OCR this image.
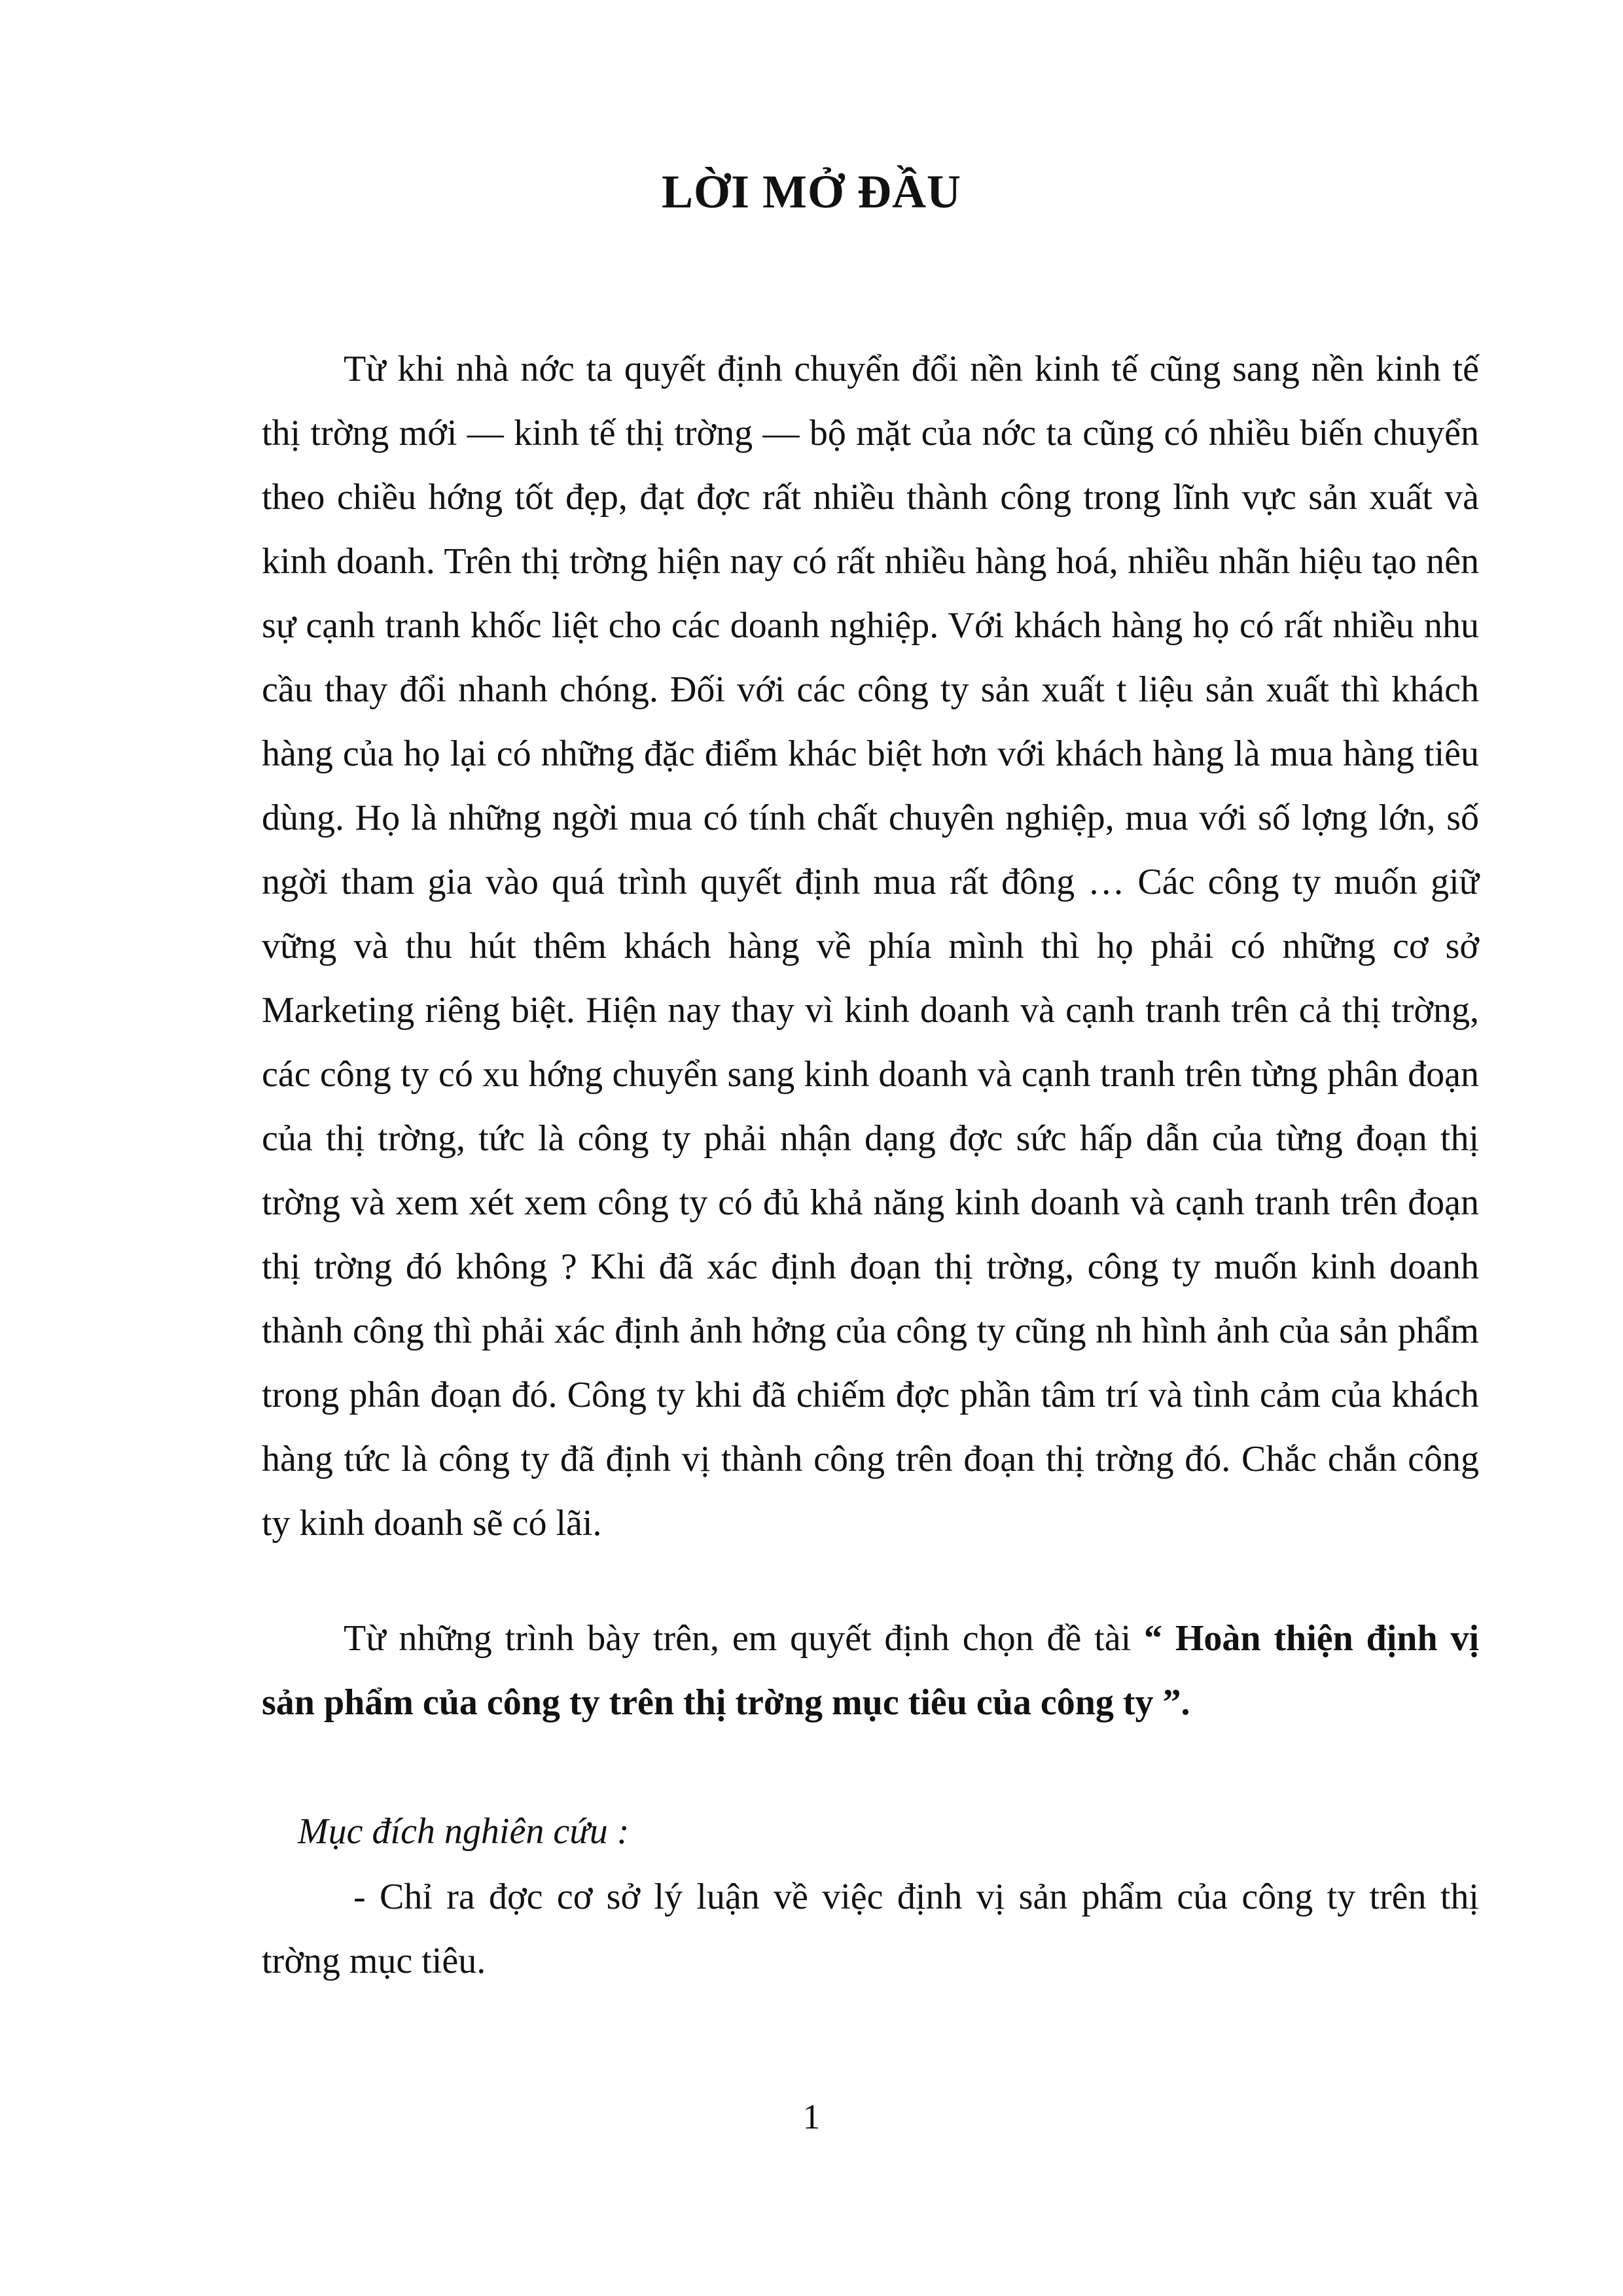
LỜI MỞ ĐẦU

Từ khi nhà nớc ta quyết định chuyển đổi nền kinh tế cũng sang nền kinh tế thị trờng mới — kinh tế thị trờng — bộ mặt của nớc ta cũng có nhiều biến chuyển theo chiều hớng tốt đẹp, đạt đợc rất nhiều thành công trong lĩnh vực sản xuất và kinh doanh. Trên thị trờng hiện nay có rất nhiều hàng hoá, nhiều nhãn hiệu tạo nên sự cạnh tranh khốc liệt cho các doanh nghiệp. Với khách hàng họ có rất nhiều nhu cầu thay đổi nhanh chóng. Đối với các công ty sản xuất t liệu sản xuất thì khách hàng của họ lại có những đặc điểm khác biệt hơn với khách hàng là mua hàng tiêu dùng. Họ là những ngời mua có tính chất chuyên nghiệp, mua với số lợng lớn, số ngời tham gia vào quá trình quyết định mua rất đông … Các công ty muốn giữ vững và thu hút thêm khách hàng về phía mình thì họ phải có những cơ sở Marketing riêng biệt. Hiện nay thay vì kinh doanh và cạnh tranh trên cả thị trờng, các công ty có xu hớng chuyển sang kinh doanh và cạnh tranh trên từng phân đoạn của thị trờng, tức là công ty phải nhận dạng đợc sức hấp dẫn của từng đoạn thị trờng và xem xét xem công ty có đủ khả năng kinh doanh và cạnh tranh trên đoạn thị trờng đó không ? Khi đã xác định đoạn thị trờng, công ty muốn kinh doanh thành công thì phải xác định ảnh hởng của công ty cũng nh hình ảnh của sản phẩm trong phân đoạn đó. Công ty khi đã chiếm đợc phần tâm trí và tình cảm của khách hàng tức là công ty đã định vị thành công trên đoạn thị trờng đó. Chắc chắn công ty kinh doanh sẽ có lãi.

Từ những trình bày trên, em quyết định chọn đề tài “ Hoàn thiện định vị sản phẩm của công ty trên thị trờng mục tiêu của công ty ”.

Mục đích nghiên cứu :

- Chỉ ra đợc cơ sở lý luận về việc định vị sản phẩm của công ty trên thị trờng mục tiêu.

1
